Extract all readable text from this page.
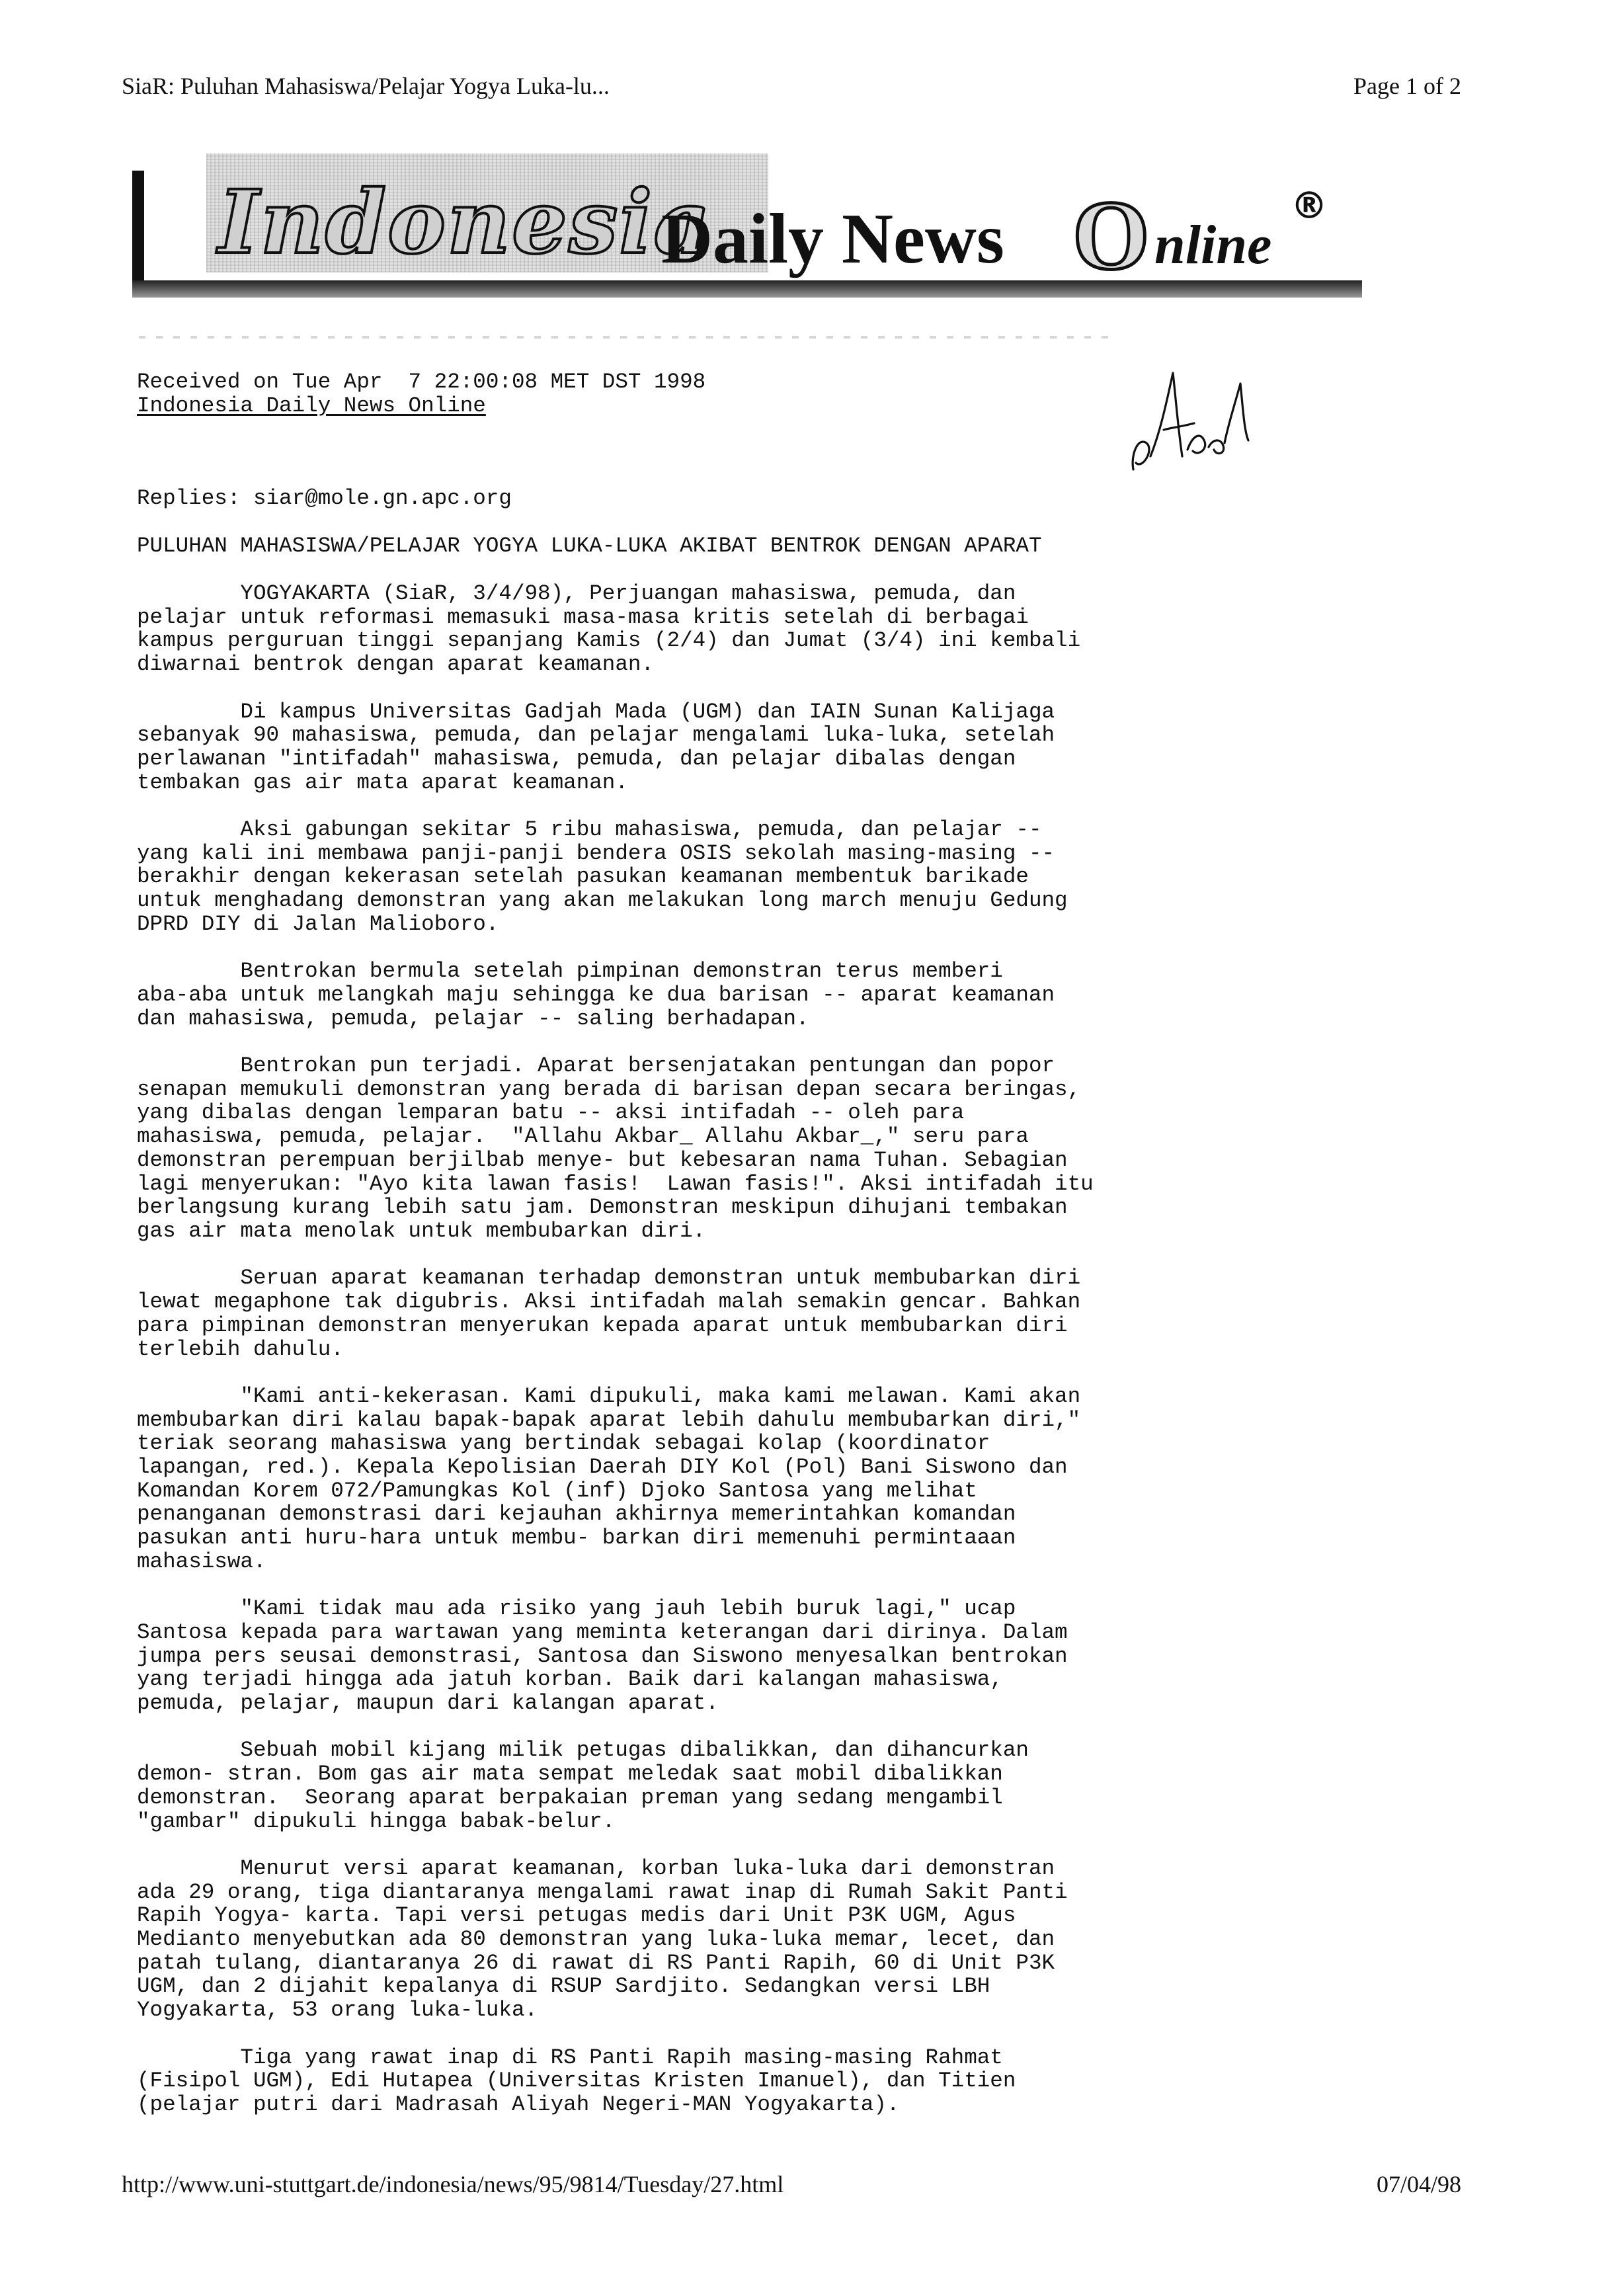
SiaR: Puluhan Mahasiswa/Pelajar Yogya Luka-lu...	Page 1 of 2
Indonesia
Daily News O nline
®
Received on Tue Apr  7 22:00:08 MET DST 1998
Indonesia Daily News Online
Replies: siar@mole.gn.apc.org
PULUHAN MAHASISWA/PELAJAR YOGYA LUKA-LUKA AKIBAT BENTROK DENGAN APARAT
YOGYAKARTA (SiaR, 3/4/98), Perjuangan mahasiswa, pemuda, dan
pelajar untuk reformasi memasuki masa-masa kritis setelah di berbagai
kampus perguruan tinggi sepanjang Kamis (2/4) dan Jumat (3/4) ini kembali
diwarnai bentrok dengan aparat keamanan.

Di kampus Universitas Gadjah Mada (UGM) dan IAIN Sunan Kalijaga
sebanyak 90 mahasiswa, pemuda, dan pelajar mengalami luka-luka, setelah
perlawanan "intifadah" mahasiswa, pemuda, dan pelajar dibalas dengan
tembakan gas air mata aparat keamanan.

Aksi gabungan sekitar 5 ribu mahasiswa, pemuda, dan pelajar --
yang kali ini membawa panji-panji bendera OSIS sekolah masing-masing --
berakhir dengan kekerasan setelah pasukan keamanan membentuk barikade
untuk menghadang demonstran yang akan melakukan long march menuju Gedung
DPRD DIY di Jalan Malioboro.

Bentrokan bermula setelah pimpinan demonstran terus memberi
aba-aba untuk melangkah maju sehingga ke dua barisan -- aparat keamanan
dan mahasiswa, pemuda, pelajar -- saling berhadapan.

Bentrokan pun terjadi. Aparat bersenjatakan pentungan dan popor
senapan memukuli demonstran yang berada di barisan depan secara beringas,
yang dibalas dengan lemparan batu -- aksi intifadah -- oleh para
mahasiswa, pemuda, pelajar.  "Allahu Akbar_ Allahu Akbar_," seru para
demonstran perempuan berjilbab menye- but kebesaran nama Tuhan. Sebagian
lagi menyerukan: "Ayo kita lawan fasis!  Lawan fasis!". Aksi intifadah itu
berlangsung kurang lebih satu jam. Demonstran meskipun dihujani tembakan
gas air mata menolak untuk membubarkan diri.

Seruan aparat keamanan terhadap demonstran untuk membubarkan diri
lewat megaphone tak digubris. Aksi intifadah malah semakin gencar. Bahkan
para pimpinan demonstran menyerukan kepada aparat untuk membubarkan diri
terlebih dahulu.

"Kami anti-kekerasan. Kami dipukuli, maka kami melawan. Kami akan
membubarkan diri kalau bapak-bapak aparat lebih dahulu membubarkan diri,"
teriak seorang mahasiswa yang bertindak sebagai kolap (koordinator
lapangan, red.). Kepala Kepolisian Daerah DIY Kol (Pol) Bani Siswono dan
Komandan Korem 072/Pamungkas Kol (inf) Djoko Santosa yang melihat
penanganan demonstrasi dari kejauhan akhirnya memerintahkan komandan
pasukan anti huru-hara untuk membu- barkan diri memenuhi permintaaan
mahasiswa.

"Kami tidak mau ada risiko yang jauh lebih buruk lagi," ucap
Santosa kepada para wartawan yang meminta keterangan dari dirinya. Dalam
jumpa pers seusai demonstrasi, Santosa dan Siswono menyesalkan bentrokan
yang terjadi hingga ada jatuh korban. Baik dari kalangan mahasiswa,
pemuda, pelajar, maupun dari kalangan aparat.

Sebuah mobil kijang milik petugas dibalikkan, dan dihancurkan
demon- stran. Bom gas air mata sempat meledak saat mobil dibalikkan
demonstran.  Seorang aparat berpakaian preman yang sedang mengambil
"gambar" dipukuli hingga babak-belur.

Menurut versi aparat keamanan, korban luka-luka dari demonstran
ada 29 orang, tiga diantaranya mengalami rawat inap di Rumah Sakit Panti
Rapih Yogya- karta. Tapi versi petugas medis dari Unit P3K UGM, Agus
Medianto menyebutkan ada 80 demonstran yang luka-luka memar, lecet, dan
patah tulang, diantaranya 26 di rawat di RS Panti Rapih, 60 di Unit P3K
UGM, dan 2 dijahit kepalanya di RSUP Sardjito. Sedangkan versi LBH
Yogyakarta, 53 orang luka-luka.

Tiga yang rawat inap di RS Panti Rapih masing-masing Rahmat
(Fisipol UGM), Edi Hutapea (Universitas Kristen Imanuel), dan Titien
(pelajar putri dari Madrasah Aliyah Negeri-MAN Yogyakarta).
http://www.uni-stuttgart.de/indonesia/news/95/9814/Tuesday/27.html	07/04/98
